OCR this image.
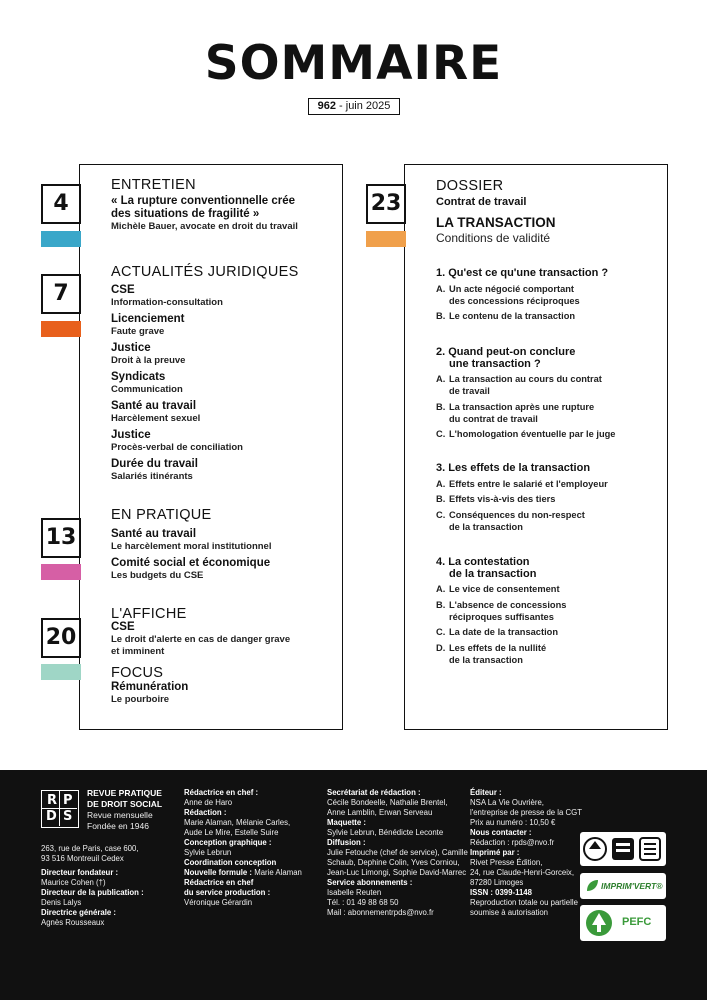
SOMMAIRE
962 - juin 2025
4
ENTRETIEN
« La rupture conventionnelle crée
des situations de fragilité »
Michèle Bauer, avocate en droit du travail
7
ACTUALITÉS JURIDIQUES
CSE
Information-consultation
Licenciement
Faute grave
Justice
Droit à la preuve
Syndicats
Communication
Santé au travail
Harcèlement sexuel
Justice
Procès-verbal de conciliation
Durée du travail
Salariés itinérants
13
EN PRATIQUE
Santé au travail
Le harcèlement moral institutionnel
Comité social et économique
Les budgets du CSE
20
L'AFFICHE
CSE
Le droit d'alerte en cas de danger grave
et imminent
FOCUS
Rémunération
Le pourboire
23
DOSSIER
Contrat de travail
LA TRANSACTION
Conditions de validité
1. Qu'est ce qu'une transaction ?
A. Un acte négocié comportant
des concessions réciproques
B. Le contenu de la transaction
2. Quand peut-on conclure
une transaction ?
A. La transaction au cours du contrat
de travail
B. La transaction après une rupture
du contrat de travail
C. L'homologation éventuelle par le juge
3. Les effets de la transaction
A. Effets entre le salarié et l'employeur
B. Effets vis-à-vis des tiers
C. Conséquences du non-respect
de la transaction
4. La contestation
de la transaction
A. Le vice de consentement
B. L'absence de concessions
réciproques suffisantes
C. La date de la transaction
D. Les effets de la nullité
de la transaction
R P
D S
REVUE PRATIQUE
DE DROIT SOCIAL
Revue mensuelle
Fondée en 1946
263, rue de Paris, case 600,
93 516 Montreuil Cedex
Directeur fondateur :
Maurice Cohen (†)
Directeur de la publication :
Denis Lalys
Directrice générale :
Agnès Rousseaux
Rédactrice en chef :
Anne de Haro
Rédaction :
Marie Alaman, Mélanie Carles,
Aude Le Mire, Estelle Suire
Conception graphique :
Sylvie Lebrun
Coordination conception
Nouvelle formule : Marie Alaman
Rédactrice en chef
du service production :
Véronique Gérardin
Secrétariat de rédaction :
Cécile Bondeelle, Nathalie Brentel,
Anne Lamblin, Erwan Serveau
Maquette :
Sylvie Lebrun, Bénédicte Leconte
Diffusion :
Julie Fetouche (chef de service), Camille
Schaub, Dephine Colin, Yves Corniou,
Jean-Luc Limongi, Sophie David-Marrec
Service abonnements :
Isabelle Reuten
Tél. : 01 49 88 68 50
Mail : abonnementrpds@nvo.fr
Éditeur :
NSA La Vie Ouvrière,
l'entreprise de presse de la CGT
Prix au numéro : 10,50 €
Nous contacter :
Rédaction : rpds@nvo.fr
Imprimé par :
Rivet Presse Édition,
24, rue Claude-Henri-Gorceix,
87280 Limoges
ISSN : 0399-1148
Reproduction totale ou partielle
soumise à autorisation
IMPRIM'VERT®
PEFC
